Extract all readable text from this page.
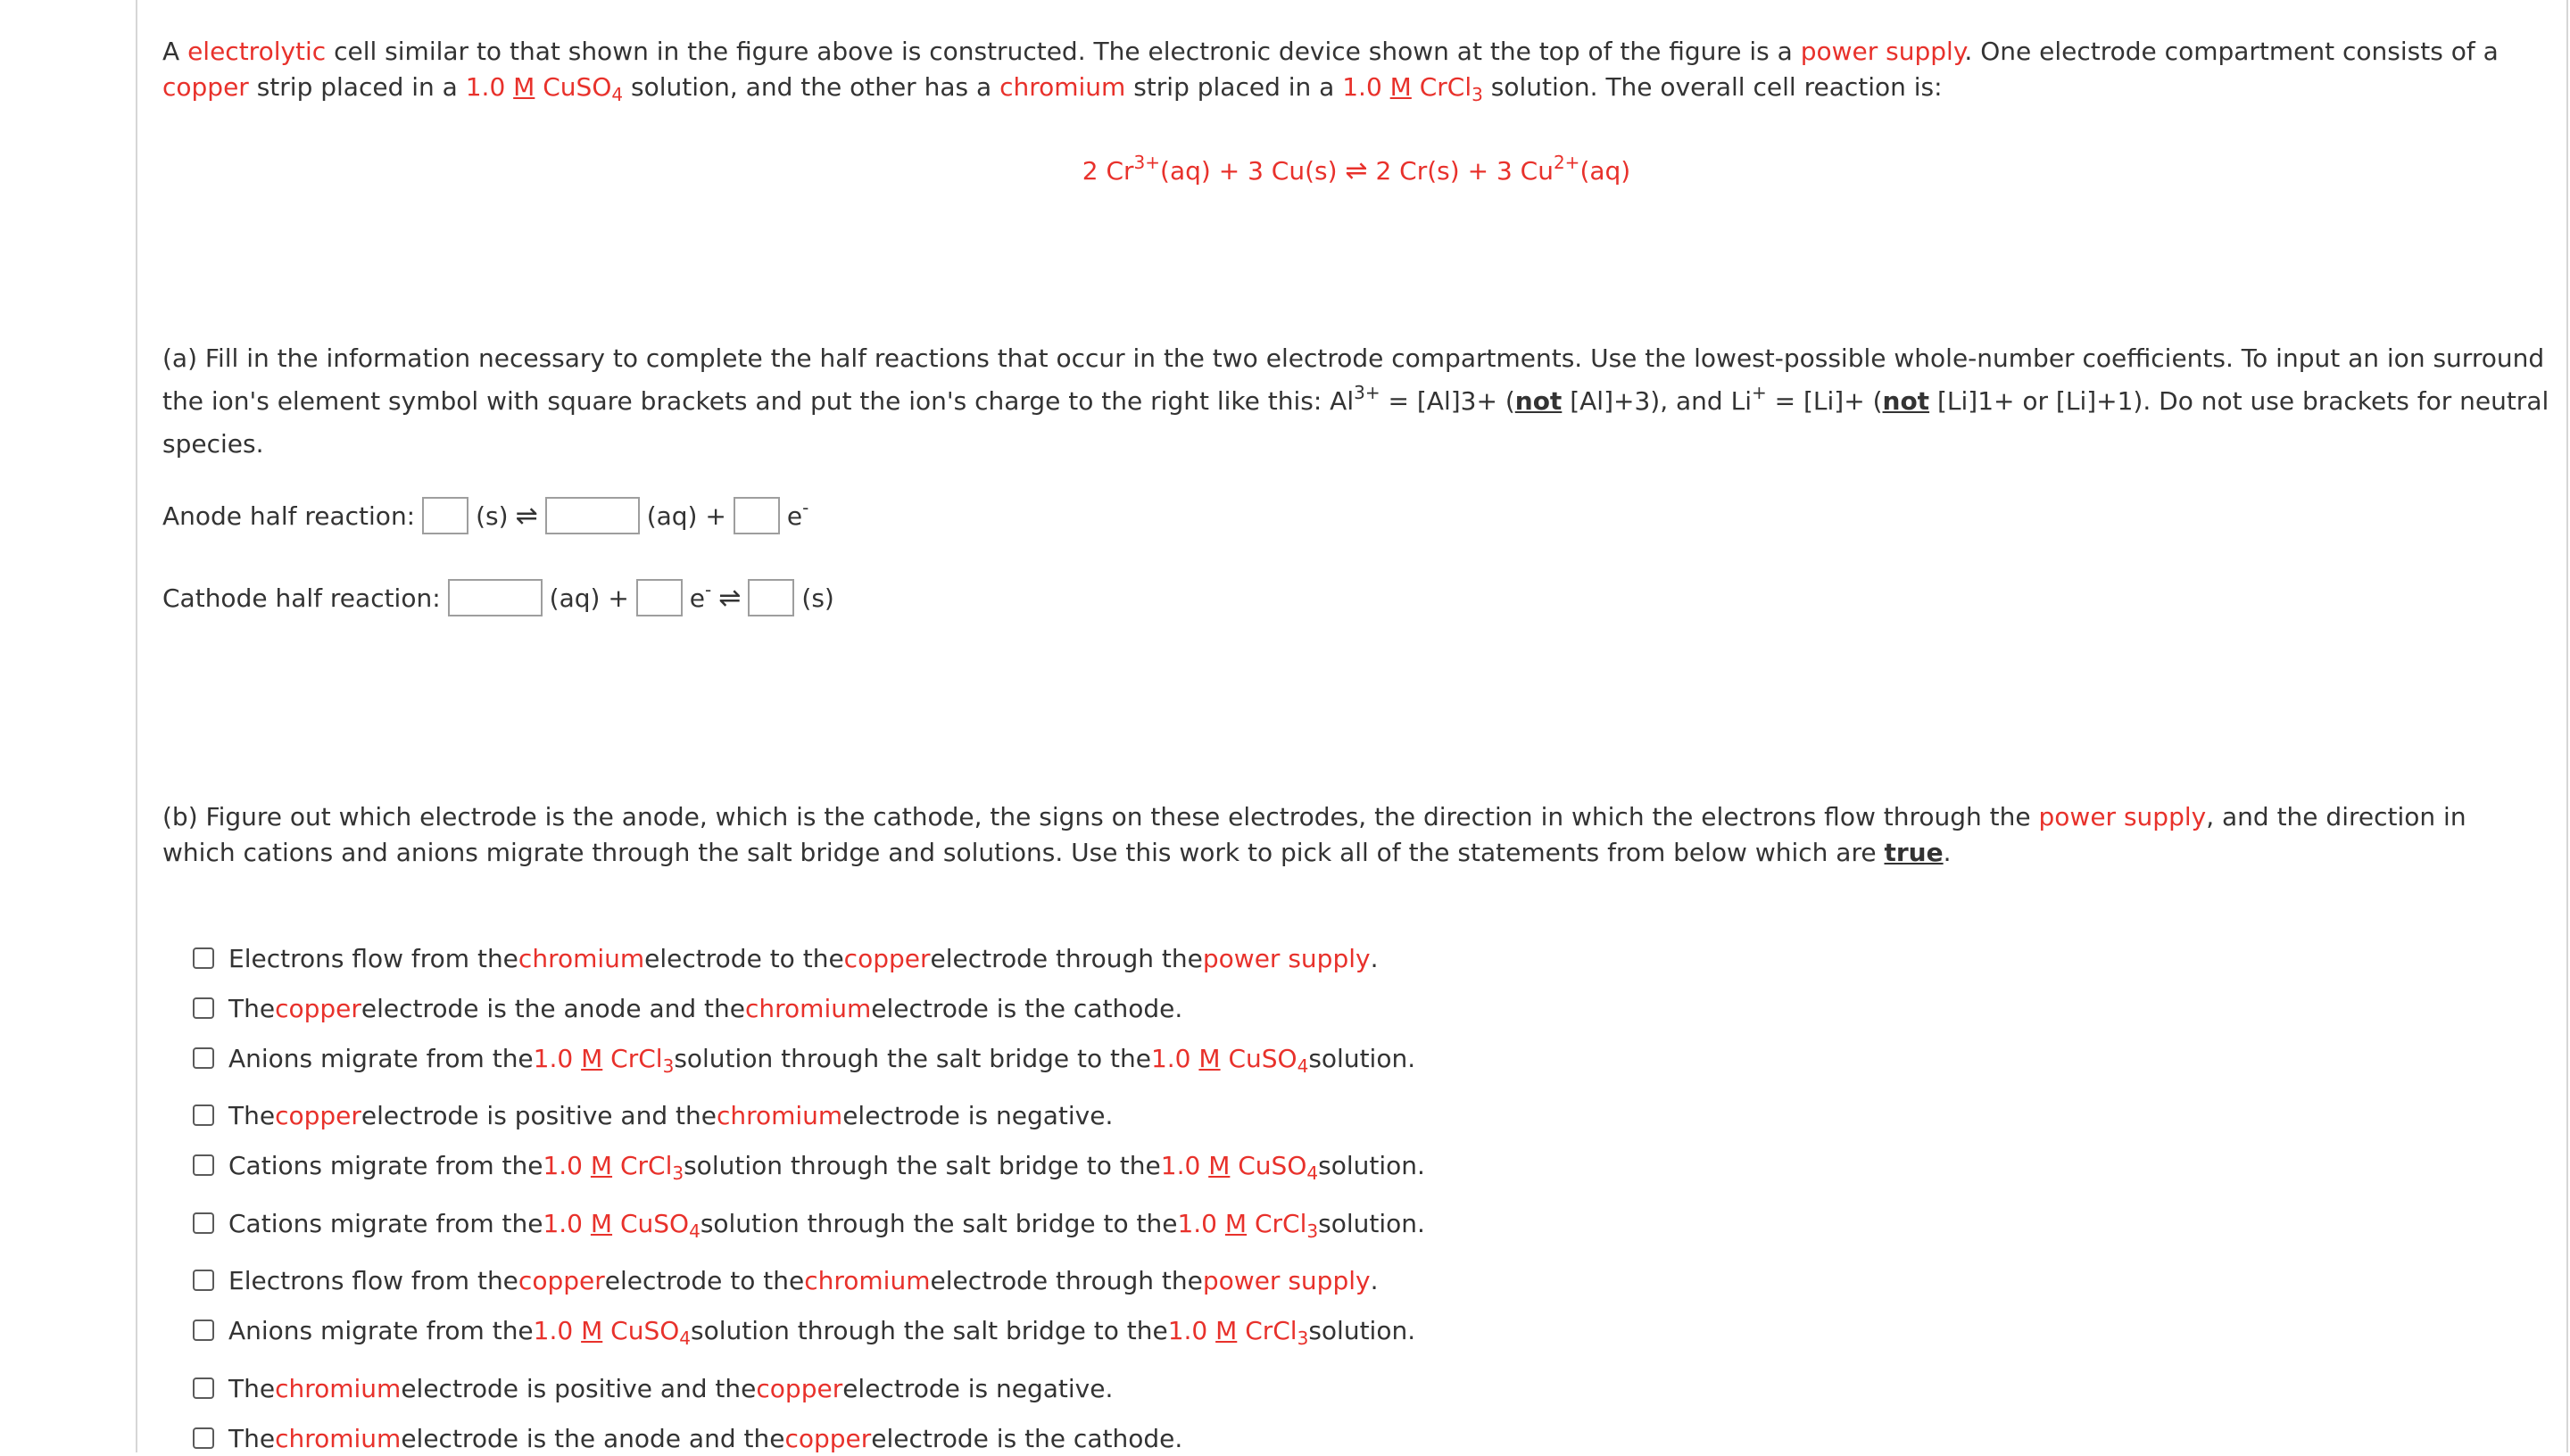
A electrolytic cell similar to that shown in the figure above is constructed. The electronic device shown at the top of the figure is a power supply. One electrode compartment consists of a copper strip placed in a 1.0 M CuSO$_4$ solution, and the other has a chromium strip placed in a 1.0 M CrCl$_3$ solution. The overall cell reaction is:

2 $Cr^{3+}(aq) + 3$ Cu(s) ⇌ 2 Cr(s) + 3 $Cu^{2+}(aq)$

(a) Fill in the information necessary to complete the half reactions that occur in the two electrode compartments. Use the lowest-possible whole-number coefficients. To input an ion surround the ion's element symbol with square brackets and put the ion's charge to the right like this: $Al^{3+} = [Al]3+ (not$ [Al]+3), and Li+ = [Li]+ (not [Li]1+ or [Li]+1). Do not use brackets for neutral species.

Anode half reaction: (s) ⇌	(aq) + e-
Cathode half reaction:	(aq) + e- ⇌ (s)

(b) Figure out which electrode is the anode, which is the cathode, the signs on these electrodes, the direction in which the electrons flow through the power supply, and the direction in which cations and anions migrate through the salt bridge and solutions. Use this work to pick all of the statements from below which are true.

Electrons flow from the chromium electrode to the copper electrode through the power supply .
The copper electrode is the anode and the chromium electrode is the cathode.
Anions migrate from the 1.0 M CrCl$_3$ solution through the salt bridge to the 1.0 M CuSO$_4$ solution.
The copper electrode is positive and the chromium electrode is negative.
Cations migrate from the 1.0 M CrCl$_3$ solution through the salt bridge to the 1.0 M CuSO$_4$ solution.
Cations migrate from the 1.0 M CuSO$_4$ solution through the salt bridge to the 1.0 M CrCl$_3$ solution.
Electrons flow from the copper electrode to the chromium electrode through the power supply .
Anions migrate from the 1.0 M CuSO$_4$ solution through the salt bridge to the 1.0 M CrCl$_3$ solution.
The chromium electrode is positive and the copper electrode is negative.
The chromium electrode is the anode and the copper electrode is the cathode.
